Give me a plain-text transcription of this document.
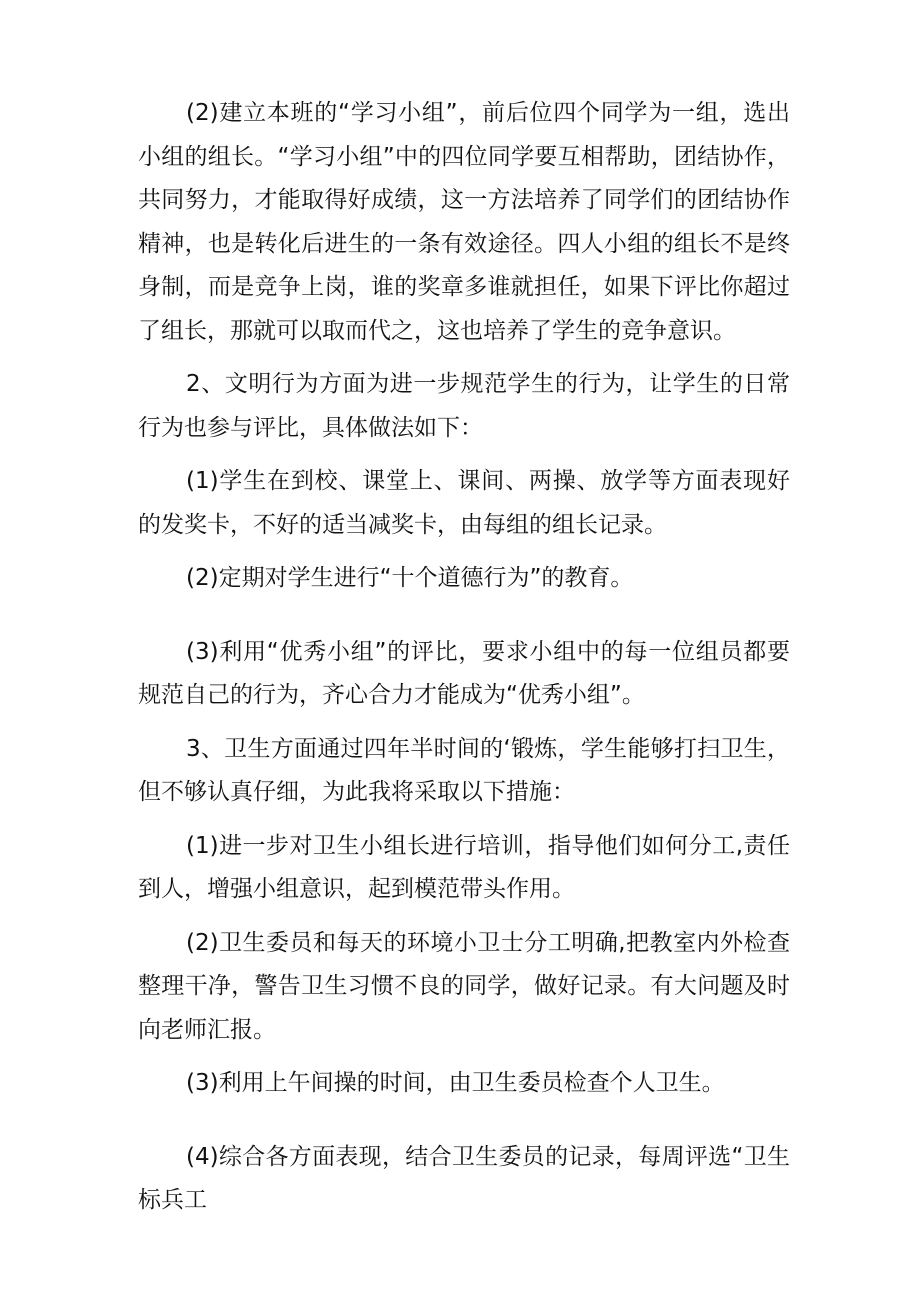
(2)建立本班的“学习小组”，前后位四个同学为一组，选出小组的组长。“学习小组”中的四位同学要互相帮助，团结协作，共同努力，才能取得好成绩，这一方法培养了同学们的团结协作精神，也是转化后进生的一条有效途径。四人小组的组长不是终身制，而是竞争上岗，谁的奖章多谁就担任，如果下评比你超过了组长，那就可以取而代之，这也培养了学生的竞争意识。

2、文明行为方面为进一步规范学生的行为，让学生的日常行为也参与评比，具体做法如下：

(1)学生在到校、课堂上、课间、两操、放学等方面表现好的发奖卡，不好的适当减奖卡，由每组的组长记录。

(2)定期对学生进行“十个道德行为”的教育。

(3)利用“优秀小组”的评比，要求小组中的每一位组员都要规范自己的行为，齐心合力才能成为“优秀小组”。

3、卫生方面通过四年半时间的‘锻炼，学生能够打扫卫生，但不够认真仔细，为此我将采取以下措施：

(1)进一步对卫生小组长进行培训，指导他们如何分工,责任到人，增强小组意识，起到模范带头作用。

(2)卫生委员和每天的环境小卫士分工明确,把教室内外检查整理干净，警告卫生习惯不良的同学，做好记录。有大问题及时向老师汇报。

(3)利用上午间操的时间，由卫生委员检查个人卫生。

(4)综合各方面表现，结合卫生委员的记录，每周评选“卫生标兵工
